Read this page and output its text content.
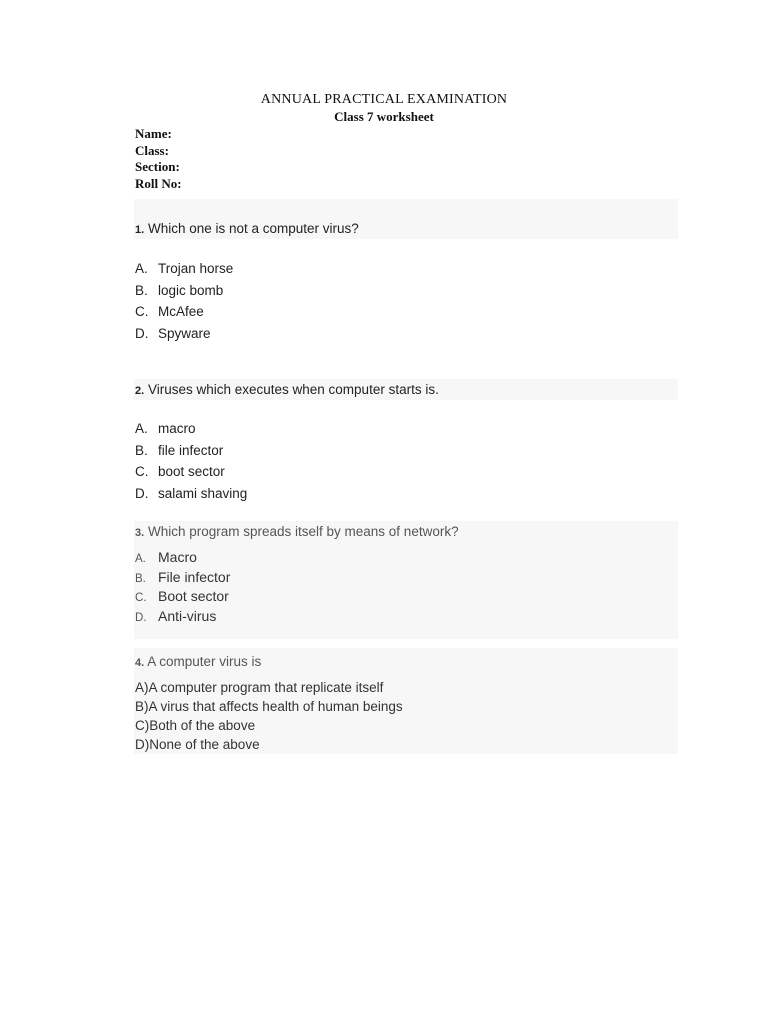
ANNUAL PRACTICAL EXAMINATION
Class 7 worksheet
Name:
Class:
Section:
Roll No:
1. Which one is not a computer virus?
A. Trojan horse
B. logic bomb
C. McAfee
D. Spyware
2. Viruses which executes when computer starts is.
A. macro
B. file infector
C. boot sector
D. salami shaving
3. Which program spreads itself by means of network?
A. Macro
B. File infector
C. Boot sector
D. Anti-virus
4. A computer virus is
A)A computer program that replicate itself
B)A virus that affects health of human beings
C)Both of the above
D)None of the above
